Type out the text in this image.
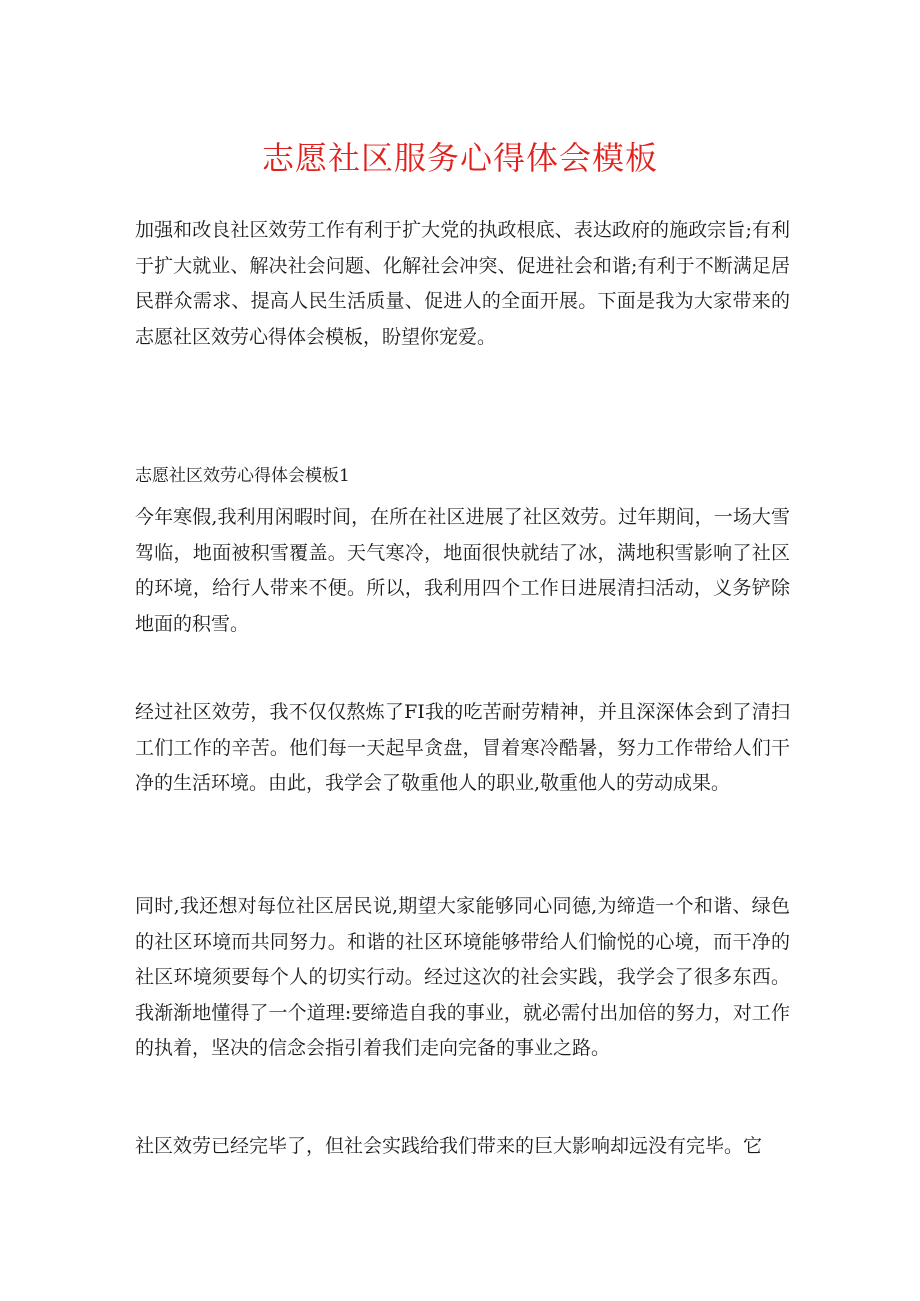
志愿社区服务心得体会模板

加强和改良社区效劳工作有利于扩大党的执政根底、表达政府的施政宗旨;有利于扩大就业、解决社会问题、化解社会冲突、促进社会和谐;有利于不断满足居民群众需求、提高人民生活质量、促进人的全面开展。下面是我为大家带来的志愿社区效劳心得体会模板，盼望你宠爱。

志愿社区效劳心得体会模板1

今年寒假,我利用闲暇时间，在所在社区进展了社区效劳。过年期间，一场大雪驾临，地面被积雪覆盖。天气寒冷，地面很快就结了冰，满地积雪影响了社区的环境，给行人带来不便。所以，我利用四个工作日进展清扫活动，义务铲除地面的积雪。

经过社区效劳，我不仅仅熬炼了FI我的吃苦耐劳精神，并且深深体会到了清扫工们工作的辛苦。他们每一天起早贪盘，冒着寒冷酷暑，努力工作带给人们干净的生活环境。由此，我学会了敬重他人的职业,敬重他人的劳动成果。

同时,我还想对每位社区居民说,期望大家能够同心同德,为缔造一个和谐、绿色的社区环境而共同努力。和谐的社区环境能够带给人们愉悦的心境，而干净的社区环境须要每个人的切实行动。经过这次的社会实践，我学会了很多东西。我渐渐地懂得了一个道理:要缔造自我的事业，就必需付出加倍的努力，对工作的执着，坚决的信念会指引着我们走向完备的事业之路。

社区效劳已经完毕了，但社会实践给我们带来的巨大影响却远没有完毕。它
